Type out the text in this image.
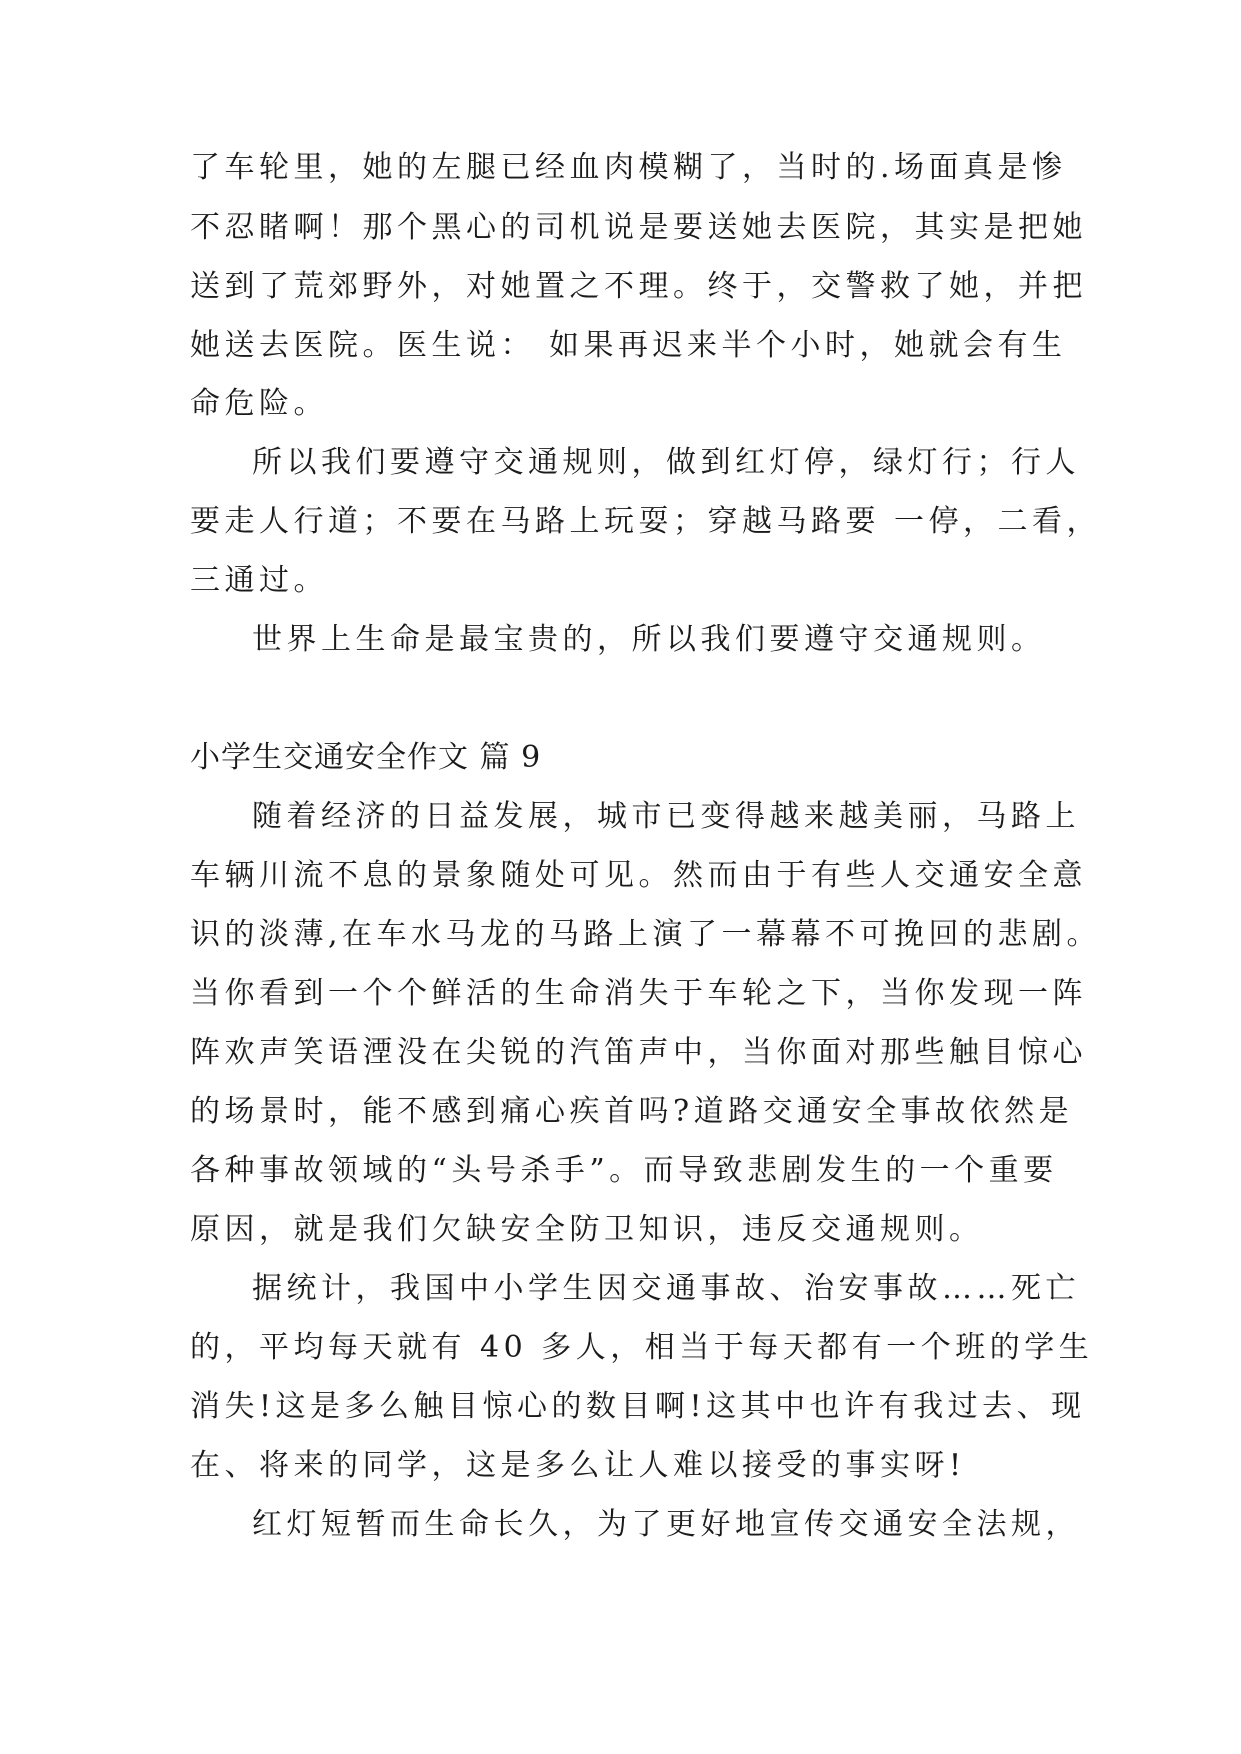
了车轮里，她的左腿已经血肉模糊了，当时的.场面真是惨
不忍睹啊！那个黑心的司机说是要送她去医院，其实是把她
送到了荒郊野外，对她置之不理。终于，交警救了她，并把
她送去医院。医生说： 如果再迟来半个小时，她就会有生
命危险。
所以我们要遵守交通规则，做到红灯停，绿灯行；行人
要走人行道；不要在马路上玩耍；穿越马路要 一停，二看，
三通过。
世界上生命是最宝贵的，所以我们要遵守交通规则。
小学生交通安全作文 篇 9
随着经济的日益发展，城市已变得越来越美丽，马路上
车辆川流不息的景象随处可见。然而由于有些人交通安全意
识的淡薄,在车水马龙的马路上演了一幕幕不可挽回的悲剧。
当你看到一个个鲜活的生命消失于车轮之下，当你发现一阵
阵欢声笑语湮没在尖锐的汽笛声中，当你面对那些触目惊心
的场景时，能不感到痛心疾首吗?道路交通安全事故依然是
各种事故领域的“头号杀手”。而导致悲剧发生的一个重要
原因，就是我们欠缺安全防卫知识，违反交通规则。
据统计，我国中小学生因交通事故、治安事故……死亡
的，平均每天就有 40 多人，相当于每天都有一个班的学生
消失!这是多么触目惊心的数目啊!这其中也许有我过去、现
在、将来的同学，这是多么让人难以接受的事实呀!
红灯短暂而生命长久，为了更好地宣传交通安全法规，
